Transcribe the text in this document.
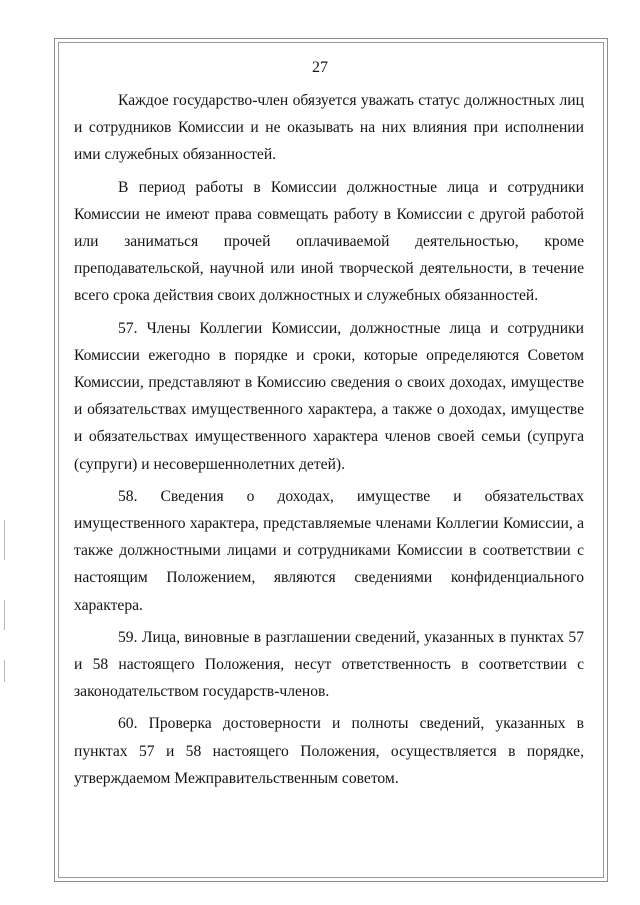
27

Каждое государство-член обязуется уважать статус должностных лиц и сотрудников Комиссии и не оказывать на них влияния при исполнении ими служебных обязанностей.

В период работы в Комиссии должностные лица и сотрудники Комиссии не имеют права совмещать работу в Комиссии с другой работой или заниматься прочей оплачиваемой деятельностью, кроме преподавательской, научной или иной творческой деятельности, в течение всего срока действия своих должностных и служебных обязанностей.

57. Члены Коллегии Комиссии, должностные лица и сотрудники Комиссии ежегодно в порядке и сроки, которые определяются Советом Комиссии, представляют в Комиссию сведения о своих доходах, имуществе и обязательствах имущественного характера, а также о доходах, имуществе и обязательствах имущественного характера членов своей семьи (супруга (супруги) и несовершеннолетних детей).

58. Сведения о доходах, имуществе и обязательствах имущественного характера, представляемые членами Коллегии Комиссии, а также должностными лицами и сотрудниками Комиссии в соответствии с настоящим Положением, являются сведениями конфиденциального характера.

59. Лица, виновные в разглашении сведений, указанных в пунктах 57 и 58 настоящего Положения, несут ответственность в соответствии с законодательством государств-членов.

60. Проверка достоверности и полноты сведений, указанных в пунктах 57 и 58 настоящего Положения, осуществляется в порядке, утверждаемом Межправительственным советом.
